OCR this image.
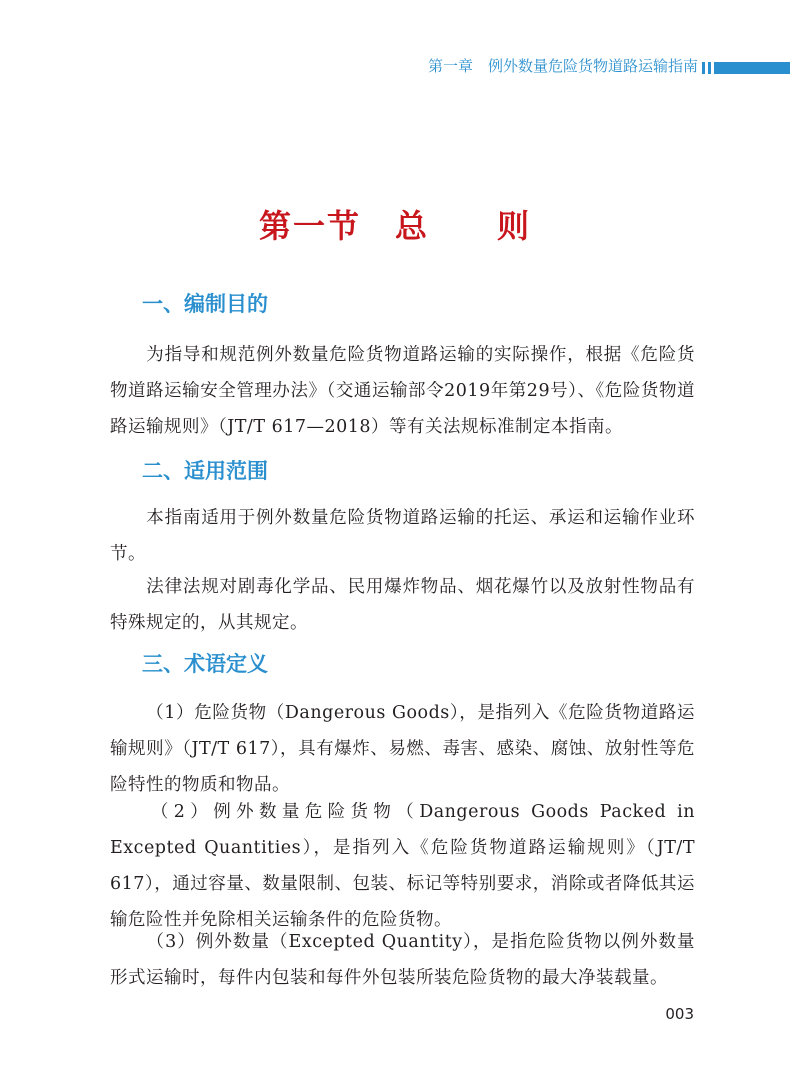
第一章　例外数量危险货物道路运输指南
第一节 总 则
一、编制目的

为指导和规范例外数量危险货物道路运输的实际操作，根据《危险货物道路运输安全管理办法》（交通运输部令2019年第29号）、《危险货物道路运输规则》（JT/T 617—2018）等有关法规标准制定本指南。

二、适用范围

本指南适用于例外数量危险货物道路运输的托运、承运和运输作业环节。

法律法规对剧毒化学品、民用爆炸物品、烟花爆竹以及放射性物品有特殊规定的，从其规定。

三、术语定义

（1）危险货物（Dangerous Goods），是指列入《危险货物道路运输规则》（JT/T 617），具有爆炸、易燃、毒害、感染、腐蚀、放射性等危险特性的物质和物品。

（2）例外数量危险货物（Dangerous Goods Packed in Excepted Quantities），是指列入《危险货物道路运输规则》（JT/T 617），通过容量、数量限制、包装、标记等特别要求，消除或者降低其运输危险性并免除相关运输条件的危险货物。

（3）例外数量（Excepted Quantity），是指危险货物以例外数量形式运输时，每件内包装和每件外包装所装危险货物的最大净装载量。

003
